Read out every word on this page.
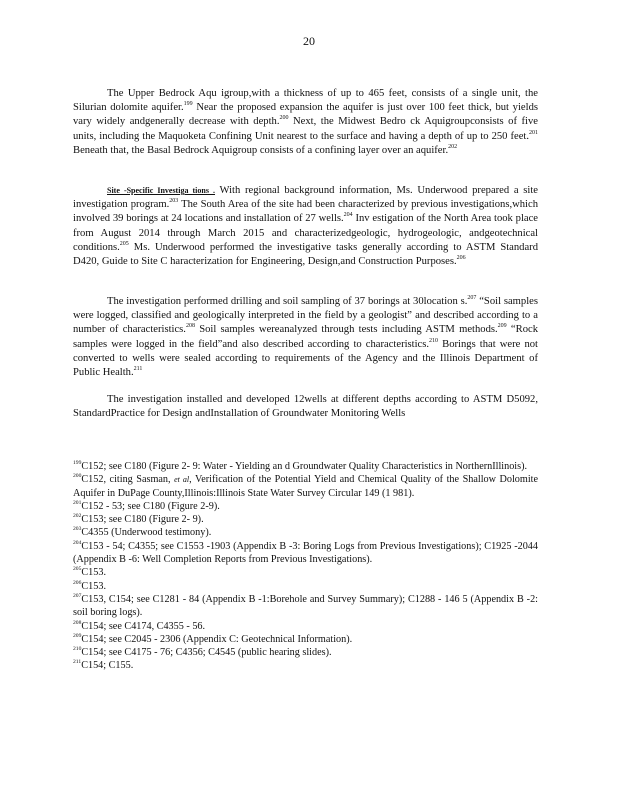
20

The Upper Bedrock Aqu igroup,with a thickness of up to 465 feet, consists of a single unit, the Silurian dolomite aquifer.$^{199}$ Near the proposed expansion the aquifer is just over 100 feet thick, but yields vary widely andgenerally decrease with depth.$^{200}$ Next, the Midwest Bedro ck Aquigroupconsists of five units, including the Maquoketa Confining Unit nearest to the surface and having a depth of up to 250 feet.$^{201}$ Beneath that, the Basal Bedrock Aquigroup consists of a confining layer over an aquifer.$^{202}$

Site -Specific Investiga tions . With regional background information, Ms. Underwood prepared a site investigation program.$^{203}$ The South Area of the site had been characterized by previous investigations,which involved 39 borings at 24 locations and installation of 27 wells.$^{204}$ Inv estigation of the North Area took place from August 2014 through March 2015 and characterizedgeologic, hydrogeologic, andgeotechnical conditions.$^{205}$ Ms. Underwood performed the investigative tasks generally according to ASTM Standard D420, Guide to Site C haracterization for Engineering, Design,and Construction Purposes.$^{206}$

The investigation performed drilling and soil sampling of 37 borings at 30location s.$^{207}$ “Soil samples were logged, classified and geologically interpreted in the field by a geologist” and described according to a number of characteristics.$^{208}$ Soil samples wereanalyzed through tests including ASTM methods.$^{209}$ “Rock samples were logged in the field”and also described according to characteristics.$^{210}$ Borings that were not converted to wells were sealed according to requirements of the Agency and the Illinois Department of Public Health.$^{211}$

The investigation installed and developed 12wells at different depths according to ASTM D5092, StandardPractice for Design andInstallation of Groundwater Monitoring Wells

$^{199}$C152; see C180 (Figure 2- 9: Water - Yielding an d Groundwater Quality Characteristics in NorthernIllinois).

$^{200}$C152, citing Sasman, et al, Verification of the Potential Yield and Chemical Quality of the Shallow Dolomite Aquifer in DuPage County,Illinois:Illinois State Water Survey Circular 149 (1 981).

$^{201}$C152 - 53; see C180 (Figure 2-9).

$^{202}$C153; see C180 (Figure 2- 9).

$^{203}$C4355 (Underwood testimony).

$^{204}$C153 - 54; C4355; see C1553 -1903 (Appendix B -3: Boring Logs from Previous Investigations); C1925 -2044 (Appendix B -6: Well Completion Reports from Previous Investigations).

$^{205}$C153.

$^{206}$C153.

$^{207}$C153, C154; see C1281 - 84 (Appendix B -1:Borehole and Survey Summary); C1288 - 146 5 (Appendix B -2: soil boring logs).

$^{208}$C154; see C4174, C4355 - 56.

$^{209}$C154; see C2045 - 2306 (Appendix C: Geotechnical Information).

$^{210}$C154; see C4175 - 76; C4356; C4545 (public hearing slides).

$^{211}$C154; C155.
